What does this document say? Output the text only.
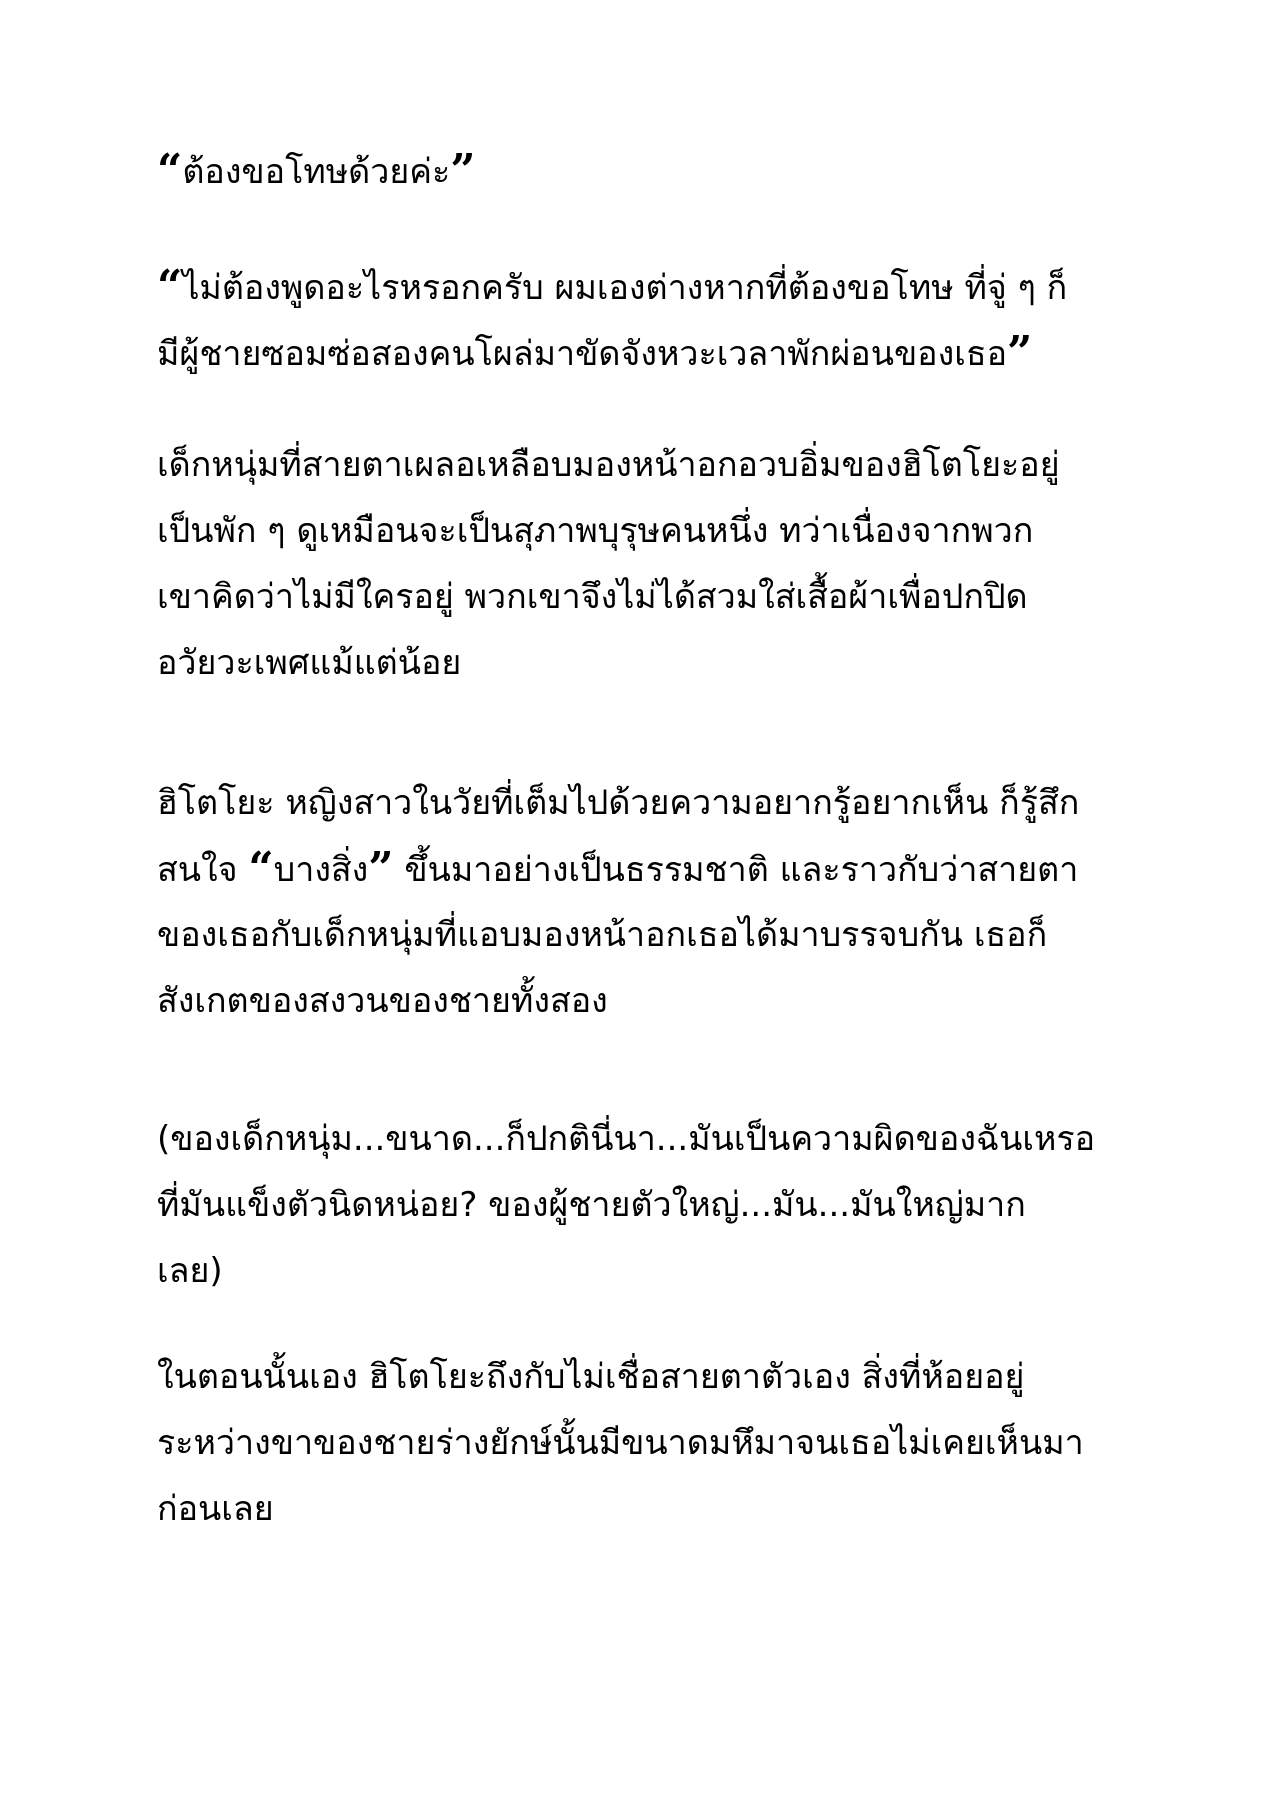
“ต้องขอโทษด้วยค่ะ”
“ไม่ต้องพูดอะไรหรอกครับ ผมเองต่างหากที่ต้องขอโทษ ที่จู่ ๆ ก็
มีผู้ชายซอมซ่อสองคนโผล่มาขัดจังหวะเวลาพักผ่อนของเธอ”
เด็กหนุ่มที่สายตาเผลอเหลือบมองหน้าอกอวบอิ่มของฮิโตโยะอยู่
เป็นพัก ๆ ดูเหมือนจะเป็นสุภาพบุรุษคนหนึ่ง ทว่าเนื่องจากพวก
เขาคิดว่าไม่มีใครอยู่ พวกเขาจึงไม่ได้สวมใส่เสื้อผ้าเพื่อปกปิด
อวัยวะเพศแม้แต่น้อย
ฮิโตโยะ หญิงสาวในวัยที่เต็มไปด้วยความอยากรู้อยากเห็น ก็รู้สึก
สนใจ “บางสิ่ง” ขึ้นมาอย่างเป็นธรรมชาติ และราวกับว่าสายตา
ของเธอกับเด็กหนุ่มที่แอบมองหน้าอกเธอได้มาบรรจบกัน เธอก็
สังเกตของสงวนของชายทั้งสอง
(ของเด็กหนุ่ม...ขนาด...ก็ปกตินี่นา...มันเป็นความผิดของฉันเหรอ
ที่มันแข็งตัวนิดหน่อย? ของผู้ชายตัวใหญ่...มัน...มันใหญ่มาก
เลย)
ในตอนนั้นเอง ฮิโตโยะถึงกับไม่เชื่อสายตาตัวเอง สิ่งที่ห้อยอยู่
ระหว่างขาของชายร่างยักษ์นั้นมีขนาดมหึมาจนเธอไม่เคยเห็นมา
ก่อนเลย
